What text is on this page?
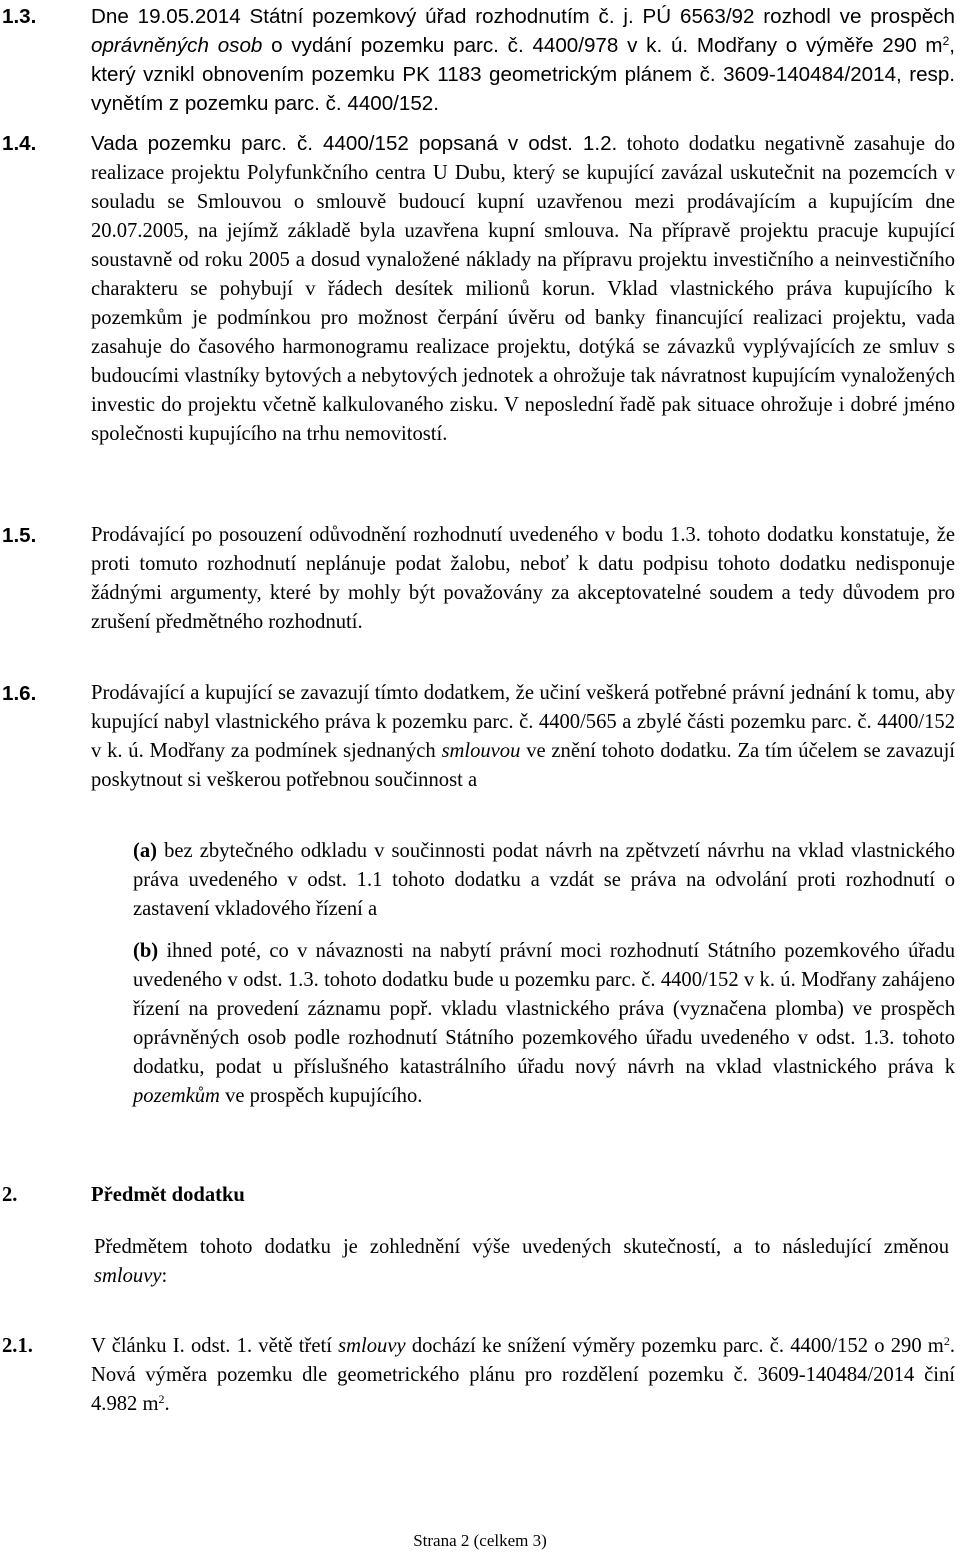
1.3.	Dne 19.05.2014 Státní pozemkový úřad rozhodnutím č. j. PÚ 6563/92 rozhodl ve prospěch oprávněných osob o vydání pozemku parc. č. 4400/978 v k. ú. Modřany o výměře 290 $m^2$, který vznikl obnovením pozemku PK 1183 geometrickým plánem č. 3609-140484/2014, resp. vynětím z pozemku parc. č. 4400/152.

1.4.	Vada pozemku parc. č. 4400/152 popsaná v odst. 1.2. tohoto dodatku negativně zasahuje do realizace projektu Polyfunkčního centra U Dubu, který se kupující zavázal uskutečnit na pozemcích v souladu se Smlouvou o smlouvě budoucí kupní uzavřenou mezi prodávajícím a kupujícím dne 20.07.2005, na jejímž základě byla uzavřena kupní smlouva. Na přípravě projektu pracuje kupující soustavně od roku 2005 a dosud vynaložené náklady na přípravu projektu investičního a neinvestičního charakteru se pohybují v řádech desítek milionů korun. Vklad vlastnického práva kupujícího k pozemkům je podmínkou pro možnost čerpání úvěru od banky financující realizaci projektu, vada zasahuje do časového harmonogramu realizace projektu, dotýká se závazků vyplývajících ze smluv s budoucími vlastníky bytových a nebytových jednotek a ohrožuje tak návratnost kupujícím vynaložených investic do projektu včetně kalkulovaného zisku. V neposlední řadě pak situace ohrožuje i dobré jméno společnosti kupujícího na trhu nemovitostí.

1.5.	Prodávající po posouzení odůvodnění rozhodnutí uvedeného v bodu 1.3. tohoto dodatku konstatuje, že proti tomuto rozhodnutí neplánuje podat žalobu, neboť k datu podpisu tohoto dodatku nedisponuje žádnými argumenty, které by mohly být považovány za akceptovatelné soudem a tedy důvodem pro zrušení předmětného rozhodnutí.
1.6.	Prodávající a kupující se zavazují tímto dodatkem, že učiní veškerá potřebné právní jednání k tomu, aby kupující nabyl vlastnického práva k pozemku parc. č. 4400/565 a zbylé části pozemku parc. č. 4400/152 v k. ú. Modřany za podmínek sjednaných smlouvou ve znění tohoto dodatku. Za tím účelem se zavazují poskytnout si veškerou potřebnou součinnost a

(a) bez zbytečného odkladu v součinnosti podat návrh na zpětvzetí návrhu na vklad vlastnického práva uvedeného v odst. 1.1 tohoto dodatku a vzdát se práva na odvolání proti rozhodnutí o zastavení vkladového řízení a
(b) ihned poté, co v návaznosti na nabytí právní moci rozhodnutí Státního pozemkového úřadu uvedeného v odst. 1.3. tohoto dodatku bude u pozemku parc. č. 4400/152 v k. ú. Modřany zahájeno řízení na provedení záznamu popř. vkladu vlastnického práva (vyznačena plomba) ve prospěch oprávněných osob podle rozhodnutí Státního pozemkového úřadu uvedeného v odst. 1.3. tohoto dodatku, podat u příslušného katastrálního úřadu nový návrh na vklad vlastnického práva k pozemkům ve prospěch kupujícího.
2.	Předmět dodatku

Předmětem tohoto dodatku je zohlednění výše uvedených skutečností, a to následující změnou smlouvy:

2.1.	V článku I. odst. 1. větě třetí smlouvy dochází ke snížení výměry pozemku parc. č. 4400/152 o 290 $m^2$. Nová výměra pozemku dle geometrického plánu pro rozdělení pozemku č. 3609-140484/2014 činí 4.982 $m^2$.

Strana 2 (celkem 3)
